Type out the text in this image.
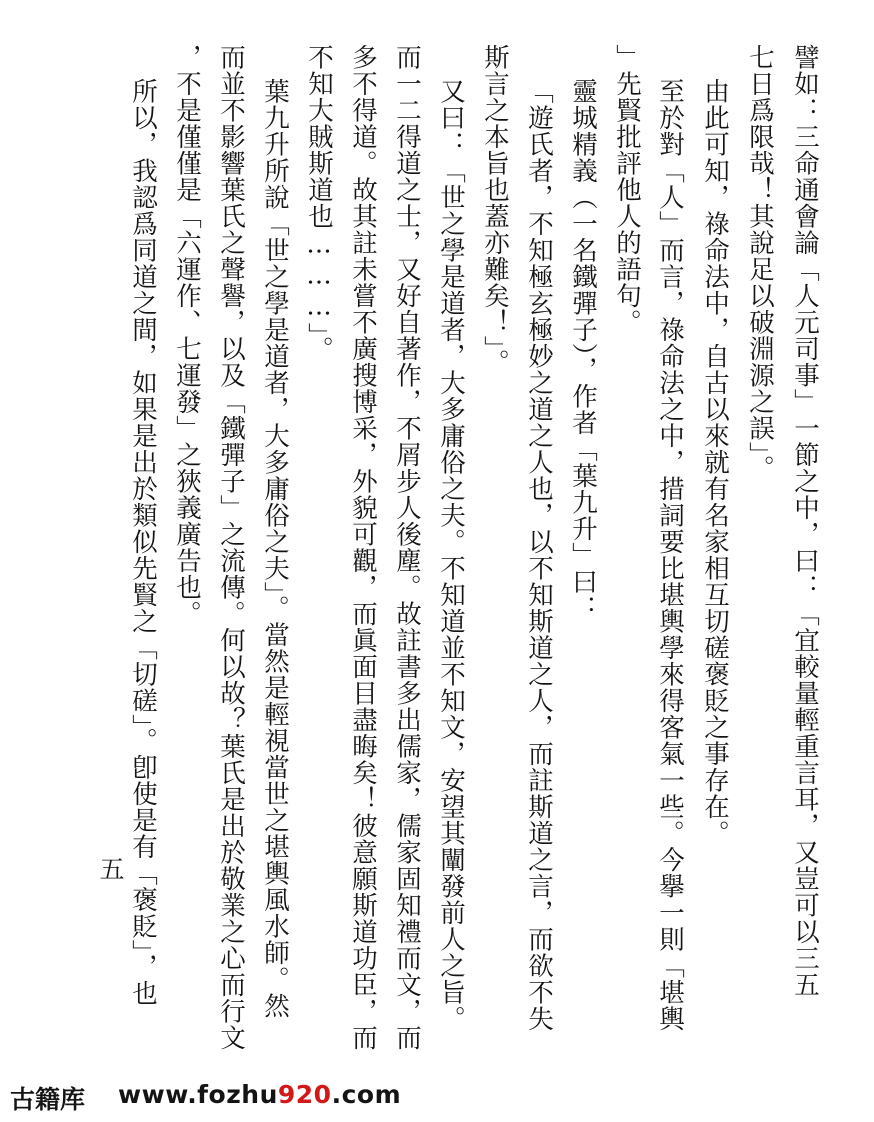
譬如：三命通會論「人元司事」一節之中，曰：「宜較量輕重言耳，又豈可以三五
七日爲限哉！其說足以破淵源之誤」。
由此可知，祿命法中，自古以來就有名家相互切磋褒貶之事存在。
至於對「人」而言，祿命法之中，措詞要比堪輿學來得客氣一些。今擧一則「堪輿
」先賢批評他人的語句。
靈城精義（一名鐵彈子），作者「葉九升」曰：
「遊氏者，不知極玄極妙之道之人也，以不知斯道之人，而註斯道之言，而欲不失
斯言之本旨也蓋亦難矣！」。
又曰：「世之學是道者，大多庸俗之夫。不知道並不知文，安望其闡發前人之旨。
而一二得道之士，又好自著作，不屑步人後塵。故註書多出儒家，儒家固知禮而文，而
多不得道。故其註未嘗不廣搜博采，外貌可觀，而眞面目盡晦矣！彼意願斯道功臣，而
不知大賊斯道也………」。
葉九升所說「世之學是道者，大多庸俗之夫」。當然是輕視當世之堪輿風水師。然
而並不影響葉氏之聲譽，以及「鐵彈子」之流傳。何以故？葉氏是出於敬業之心而行文
，不是僅僅是「六運作、七運發」之狹義廣告也。
所以，我認爲同道之間，如果是出於類似先賢之「切磋」。卽使是有「褒貶」，也
五
古籍库 www.fozhu920.com
